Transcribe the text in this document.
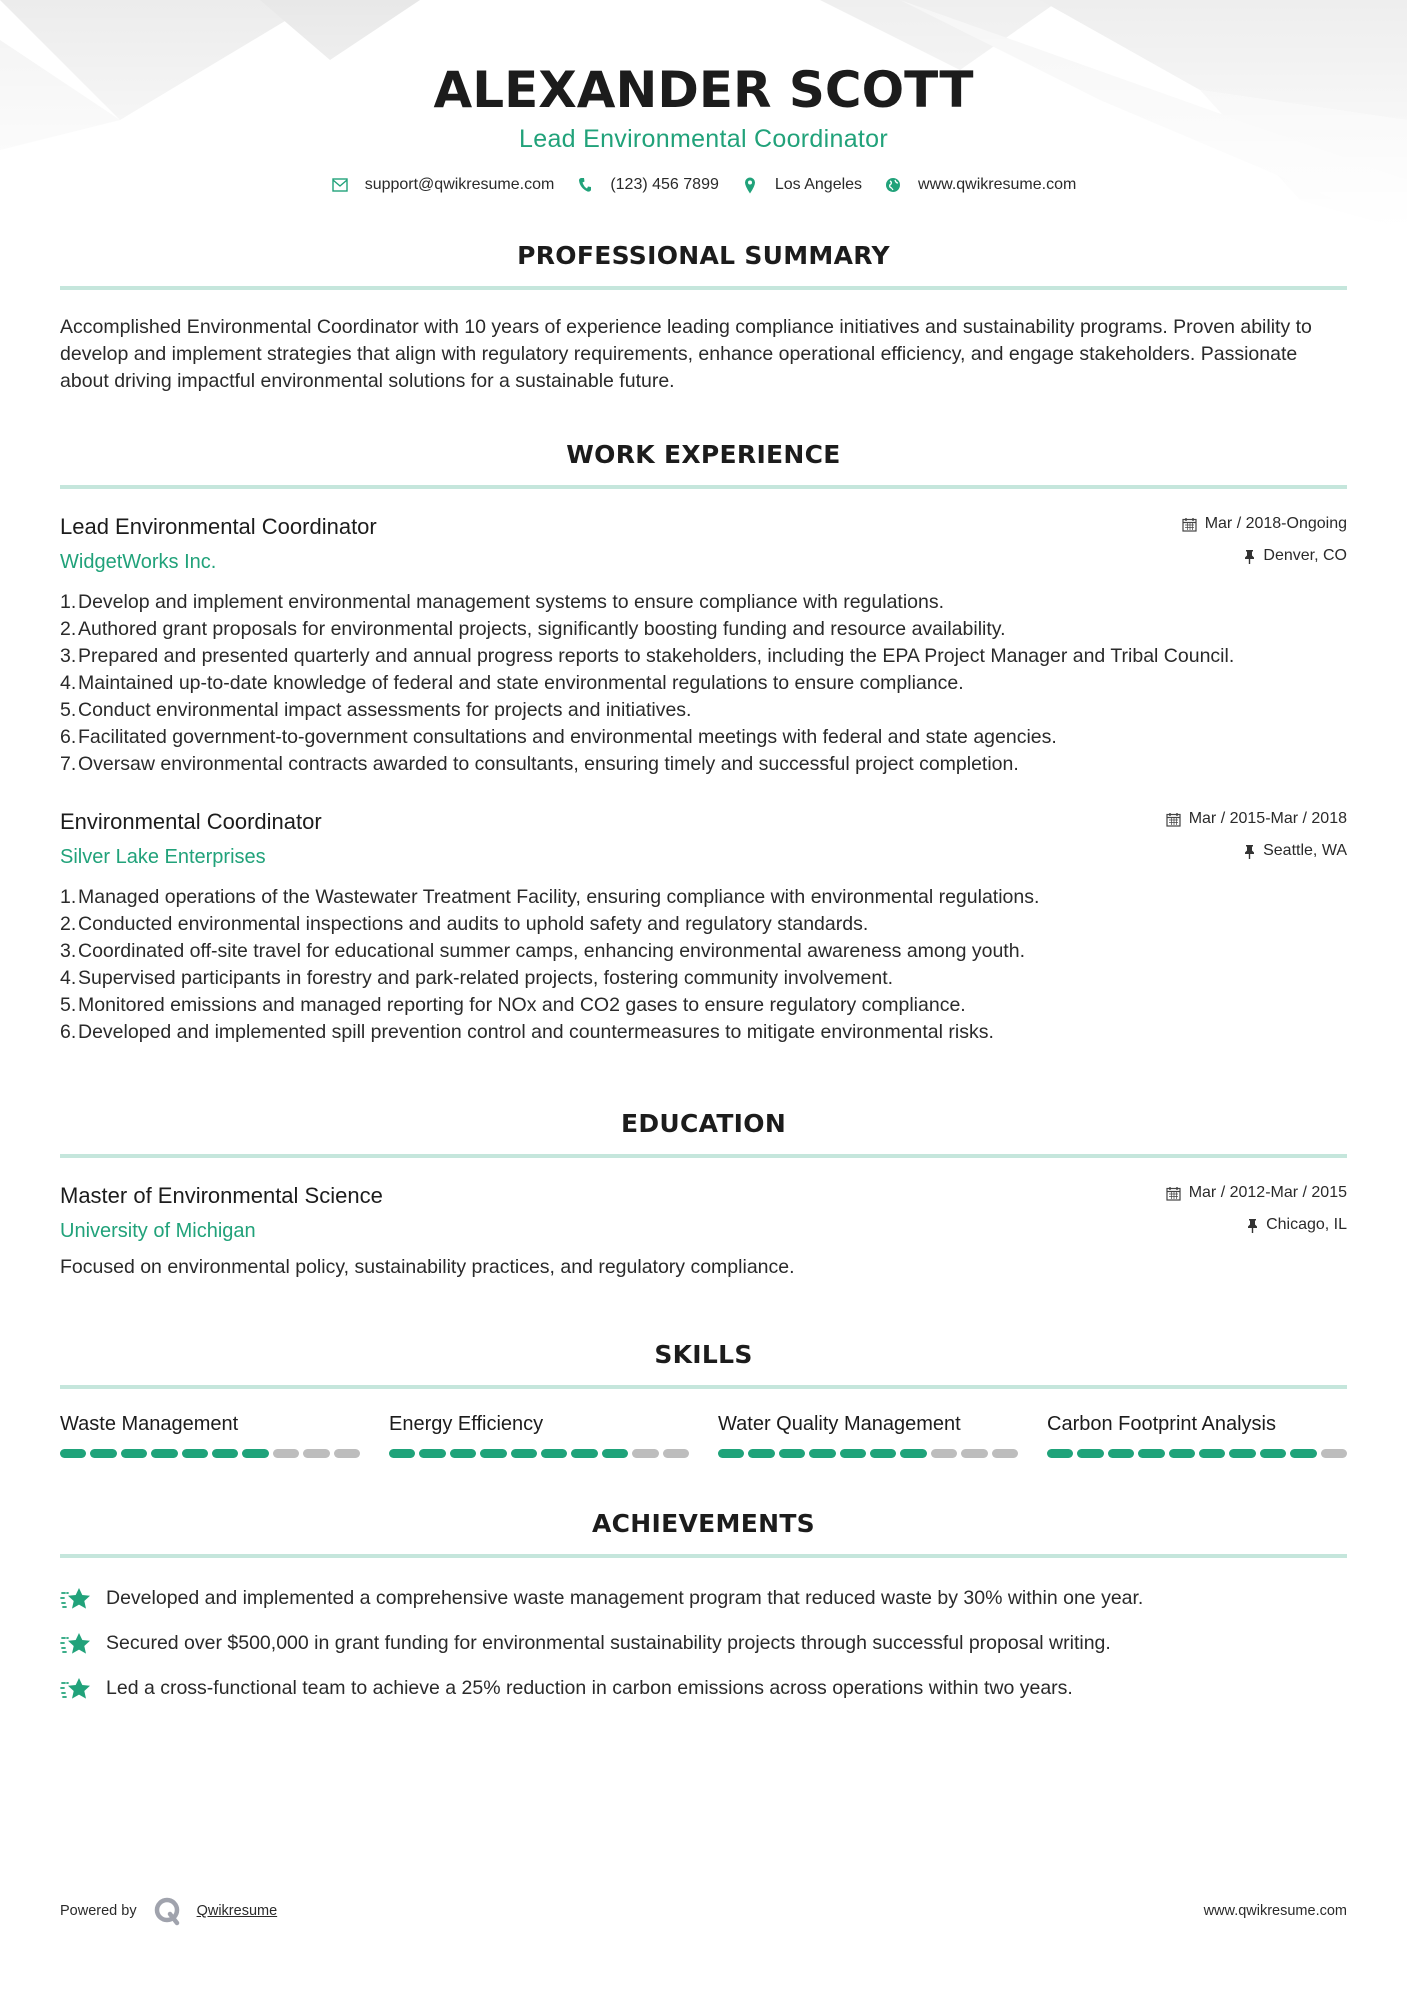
ALEXANDER SCOTT
Lead Environmental Coordinator
support@qwikresume.com	(123) 456 7899	Los Angeles	www.qwikresume.com
PROFESSIONAL SUMMARY

Accomplished Environmental Coordinator with 10 years of experience leading compliance initiatives and sustainability programs. Proven ability to develop and implement strategies that align with regulatory requirements, enhance operational efficiency, and engage stakeholders. Passionate about driving impactful environmental solutions for a sustainable future.

WORK EXPERIENCE
Lead Environmental Coordinator
WidgetWorks Inc.
Mar / 2018-Ongoing
Denver, CO
1. Develop and implement environmental management systems to ensure compliance with regulations.
2. Authored grant proposals for environmental projects, significantly boosting funding and resource availability.
3. Prepared and presented quarterly and annual progress reports to stakeholders, including the EPA Project Manager and Tribal Council.
4. Maintained up-to-date knowledge of federal and state environmental regulations to ensure compliance.
5. Conduct environmental impact assessments for projects and initiatives.
6. Facilitated government-to-government consultations and environmental meetings with federal and state agencies.
7. Oversaw environmental contracts awarded to consultants, ensuring timely and successful project completion.
Environmental Coordinator
Silver Lake Enterprises
Mar / 2015-Mar / 2018
Seattle, WA
1. Managed operations of the Wastewater Treatment Facility, ensuring compliance with environmental regulations.
2. Conducted environmental inspections and audits to uphold safety and regulatory standards.
3. Coordinated off-site travel for educational summer camps, enhancing environmental awareness among youth.
4. Supervised participants in forestry and park-related projects, fostering community involvement.
5. Monitored emissions and managed reporting for NOx and CO2 gases to ensure regulatory compliance.
6. Developed and implemented spill prevention control and countermeasures to mitigate environmental risks.
EDUCATION
Master of Environmental Science
University of Michigan
Mar / 2012-Mar / 2015
Chicago, IL

Focused on environmental policy, sustainability practices, and regulatory compliance.

SKILLS
Waste Management	Energy Efficiency	Water Quality Management	Carbon Footprint Analysis
ACHIEVEMENTS
Developed and implemented a comprehensive waste management program that reduced waste by 30% within one year.
Secured over $500,000 in grant funding for environmental sustainability projects through successful proposal writing.
Led a cross-functional team to achieve a 25% reduction in carbon emissions across operations within two years.
Powered by	Qwikresume	www.qwikresume.com
